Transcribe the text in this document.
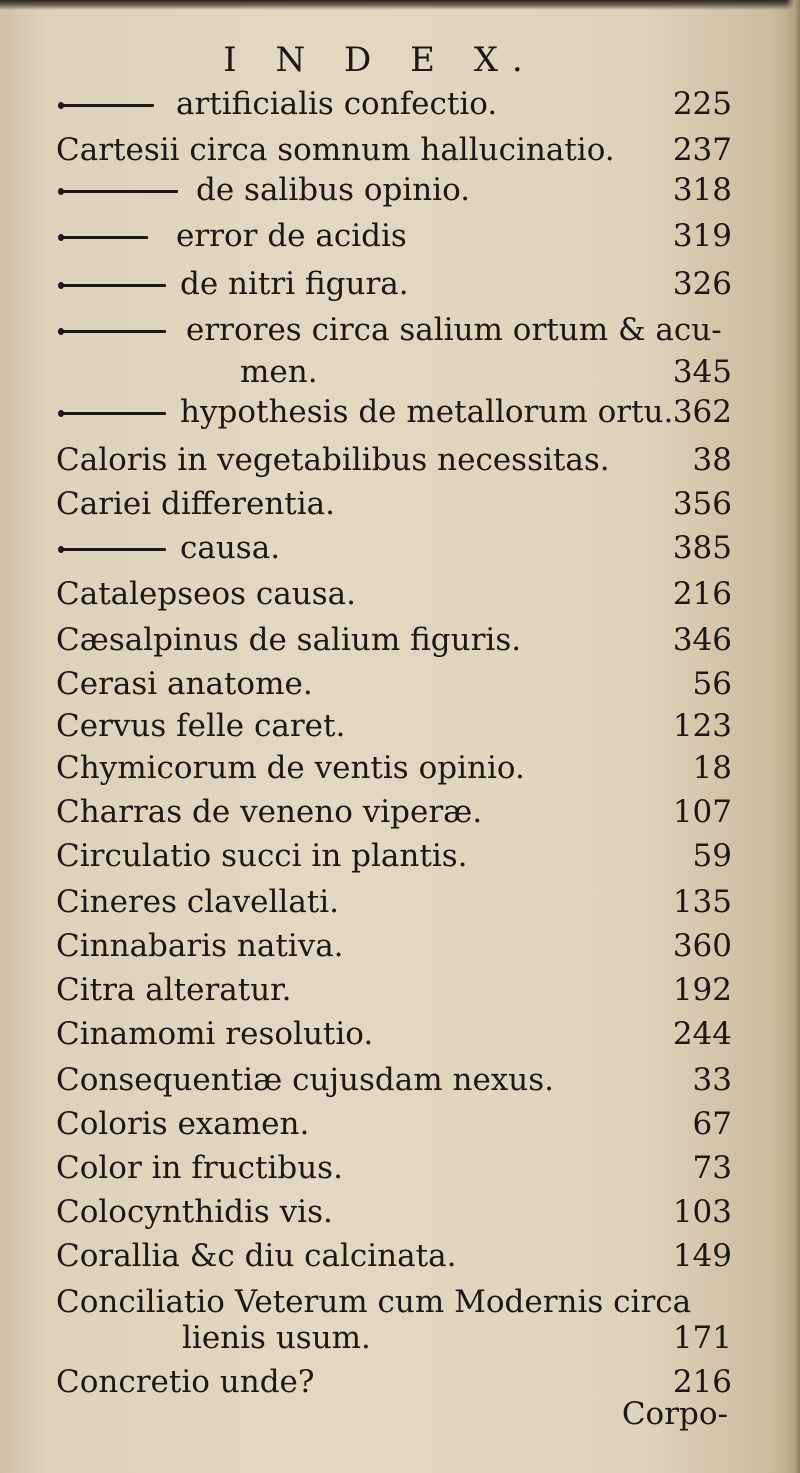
I N D E X.
artificialis confectio.	225
Cartesii circa somnum hallucinatio. 237
de salibus opinio.	318
error de acidis	319
de nitri figura.	326
errores circa salium ortum & acu-
men.	345
hypothesis de metallorum ortu. 362
Caloris in vegetabilibus necessitas.	38
Cariei differentia.	356
causa.	385
Catalepseos causa.	216
Cæsalpinus de salium figuris.	346
Cerasi anatome.	56
Cervus felle caret.	123
Chymicorum de ventis opinio.	18
Charras de veneno viperæ.	107
Circulatio succi in plantis.	59
Cineres clavellati.	135
Cinnabaris nativa.	360
Citra alteratur.	192
Cinamomi resolutio.	244
Consequentiæ cujusdam nexus.	33
Coloris examen.	67
Color in fructibus.	73
Colocynthidis vis.	103
Corallia &c diu calcinata.	149
Conciliatio Veterum cum Modernis circa
lienis usum.	171
Concretio unde?	216
Corpo-
